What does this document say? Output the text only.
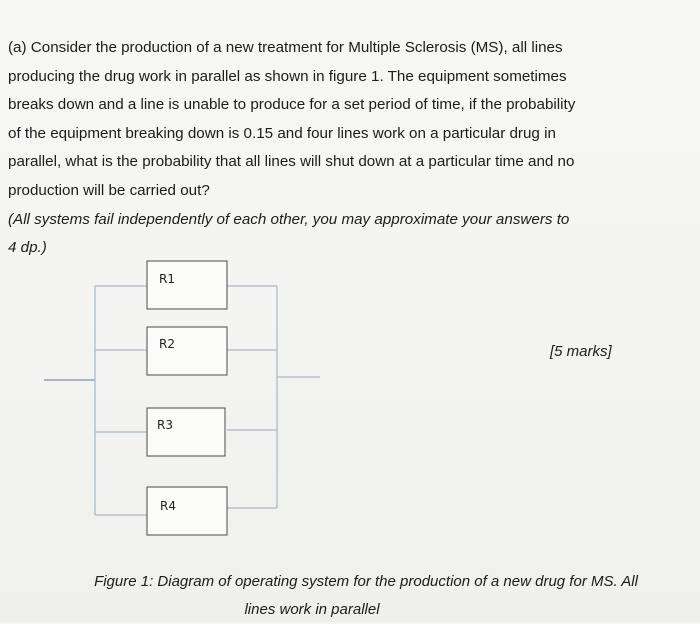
(a) Consider the production of a new treatment for Multiple Sclerosis (MS), all lines

producing the drug work in parallel as shown in figure 1. The equipment sometimes

breaks down and a line is unable to produce for a set period of time, if the probability

of the equipment breaking down is 0.15 and four lines work on a particular drug in

parallel, what is the probability that all lines will shut down at a particular time and no

production will be carried out?

(All systems fail independently of each other, you may approximate your answers to

4 dp.)

R1
R2
R3
R4
[5 marks]

Figure 1: Diagram of operating system for the production of a new drug for MS. All

lines work in parallel
